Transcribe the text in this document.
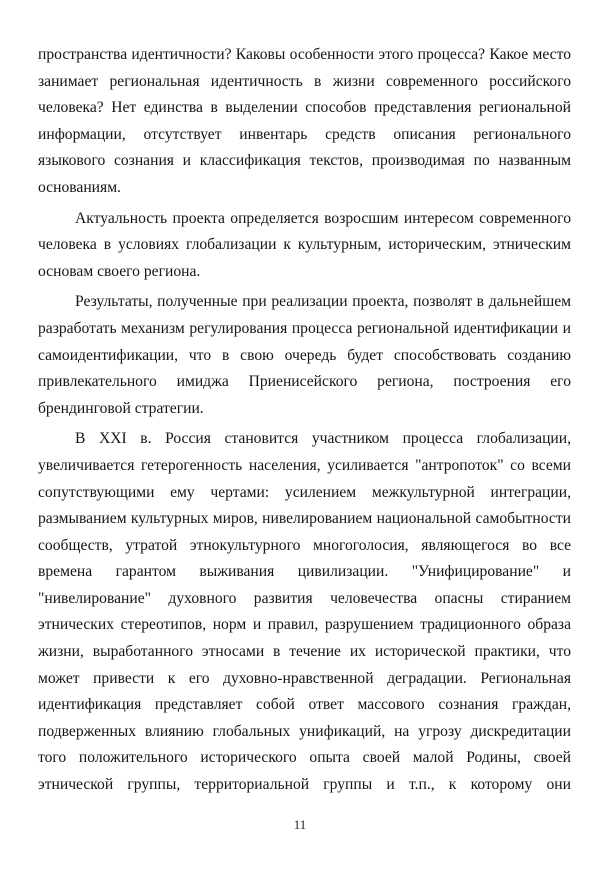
пространства идентичности? Каковы особенности этого процесса? Какое место
занимает региональная идентичность в жизни современного российского
человека? Нет единства в выделении способов представления региональной
информации, отсутствует инвентарь средств описания регионального
языкового сознания и классификация текстов, производимая по названным
основаниям.
Актуальность проекта определяется возросшим интересом современного
человека в условиях глобализации к культурным, историческим, этническим
основам своего региона.
Результаты, полученные при реализации проекта, позволят в дальнейшем
разработать механизм регулирования процесса региональной идентификации и
самоидентификации, что в свою очередь будет способствовать созданию
привлекательного имиджа Приенисейского региона, построения его
брендинговой стратегии.
В XXI в. Россия становится участником процесса глобализации,
увеличивается гетерогенность населения, усиливается "антропоток" со всеми
сопутствующими ему чертами: усилением межкультурной интеграции,
размыванием культурных миров, нивелированием национальной самобытности
сообществ, утратой этнокультурного многоголосия, являющегося во все
времена гарантом выживания цивилизации. "Унифицирование" и
"нивелирование" духовного развития человечества опасны стиранием
этнических стереотипов, норм и правил, разрушением традиционного образа
жизни, выработанного этносами в течение их исторической практики, что
может привести к его духовно-нравственной деградации. Региональная
идентификация представляет собой ответ массового сознания граждан,
подверженных влиянию глобальных унификаций, на угрозу дискредитации
того положительного исторического опыта своей малой Родины, своей
этнической группы, территориальной группы и т.п., к которому они
11
